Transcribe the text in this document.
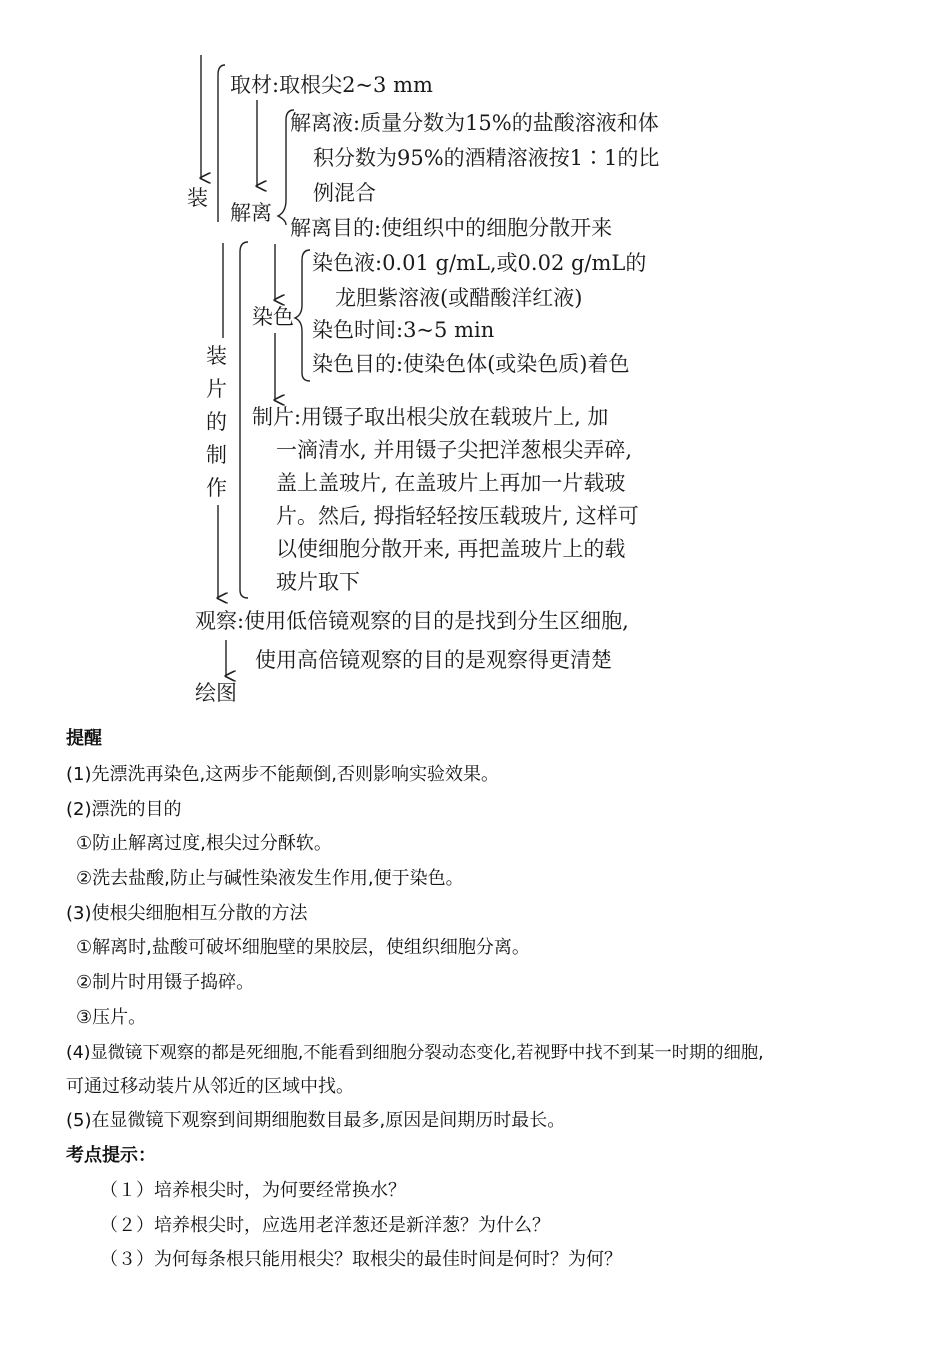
取材:取根尖2~3 mm
解离液:质量分数为15%的盐酸溶液和体
积分数为95%的酒精溶液按1∶1的比
例混合
装
解离
解离目的:使组织中的细胞分散开来
装
片
的
制
作
染色
染色液:0.01 g/mL,或0.02 g/mL的
龙胆紫溶液(或醋酸洋红液)
染色时间:3~5 min
染色目的:使染色体(或染色质)着色
制片:用镊子取出根尖放在载玻片上, 加
一滴清水, 并用镊子尖把洋葱根尖弄碎,
盖上盖玻片, 在盖玻片上再加一片载玻
片。然后, 拇指轻轻按压载玻片, 这样可
以使细胞分散开来, 再把盖玻片上的载
玻片取下
观察:使用低倍镜观察的目的是找到分生区细胞,
使用高倍镜观察的目的是观察得更清楚
绘图
提醒
(1)先漂洗再染色,这两步不能颠倒,否则影响实验效果。
(2)漂洗的目的
①防止解离过度,根尖过分酥软。
②洗去盐酸,防止与碱性染液发生作用,便于染色。
(3)使根尖细胞相互分散的方法
①解离时,盐酸可破坏细胞壁的果胶层，使组织细胞分离。
②制片时用镊子捣碎。
③压片。
(4)显微镜下观察的都是死细胞,不能看到细胞分裂动态变化,若视野中找不到某一时期的细胞,
可通过移动装片从邻近的区域中找。
(5)在显微镜下观察到间期细胞数目最多,原因是间期历时最长。
考点提示：
（１）培养根尖时，为何要经常换水？
（２）培养根尖时，应选用老洋葱还是新洋葱？为什么？
（３）为何每条根只能用根尖？取根尖的最佳时间是何时？为何？
